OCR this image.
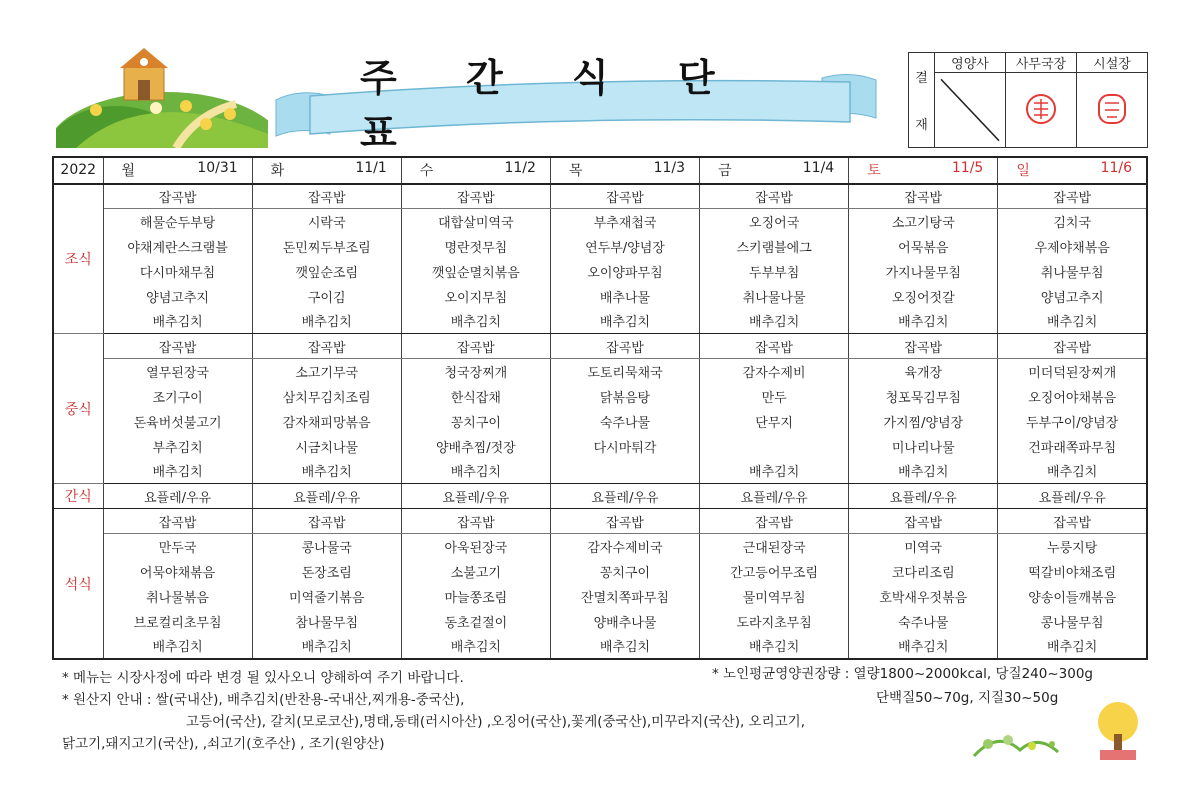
주 간 식 단 표
결
재
영양사	사무국장	시설장
2022	월 10/31	화 11/1	수 11/2	목 11/3	금 11/4	토 11/5	일 11/6

조식	잡곡밥	잡곡밥	잡곡밥	잡곡밥	잡곡밥	잡곡밥	잡곡밥
	해물순두부탕	시락국	대합살미역국	부추재첩국	오징어국	소고기탕국	김치국
	야채계란스크램블	돈민찌두부조림	명란젓무침	연두부/양념장	스키램블에그	어묵볶음	우제야채볶음
	다시마채무침	깻잎순조림	깻잎순멸치볶음	오이양파무침	두부부침	가지나물무침	취나물무침
	양념고추지	구이김	오이지무침	배추나물	취나물나물	오징어젓갈	양념고추지
	배추김치	배추김치	배추김치	배추김치	배추김치	배추김치	배추김치
중식	잡곡밥	잡곡밥	잡곡밥	잡곡밥	잡곡밥	잡곡밥	잡곡밥
	열무된장국	소고기무국	청국장찌개	도토리묵채국	감자수제비	육개장	미더덕된장찌개
	조기구이	삼치무김치조림	한식잡채	닭볶음탕	만두	청포묵김무침	오징어야채볶음
	돈육버섯불고기	감자채피망볶음	꽁치구이	숙주나물	단무지	가지찜/양념장	두부구이/양념장
	부추김치	시금치나물	양배추찜/젓장	다시마튀각		미나리나물	건파래쪽파무침
	배추김치	배추김치	배추김치		배추김치	배추김치	배추김치
간식	요플레/우유	요플레/우유	요플레/우유	요플레/우유	요플레/우유	요플레/우유	요플레/우유
석식	잡곡밥	잡곡밥	잡곡밥	잡곡밥	잡곡밥	잡곡밥	잡곡밥
	만두국	콩나물국	아욱된장국	감자수제비국	근대된장국	미역국	누룽지탕
	어묵야채볶음	돈장조림	소불고기	꽁치구이	간고등어무조림	코다리조림	떡갈비야채조림
	취나물볶음	미역줄기볶음	마늘쫑조림	잔멸치쪽파무침	물미역무침	호박새우젓볶음	양송이들깨볶음
	브로컬리초무침	참나물무침	동초겉절이	양배추나물	도라지초무침	숙주나물	콩나물무침
	배추김치	배추김치	배추김치	배추김치	배추김치	배추김치	배추김치
* 메뉴는 시장사정에 따라 변경 될 있사오니 양해하여 주기 바랍니다.
* 원산지 안내 : 쌀(국내산), 배추김치(반찬용-국내산,찌개용-중국산),
고등어(국산), 갈치(모로코산),명태,동태(러시아산) ,오징어(국산),꽃게(중국산),미꾸라지(국산), 오리고기,
닭고기,돼지고기(국산), ,쇠고기(호주산) , 조기(원양산)
* 노인평균영양권장량 : 열량1800~2000kcal, 당질240~300g
단백질50~70g, 지질30~50g
